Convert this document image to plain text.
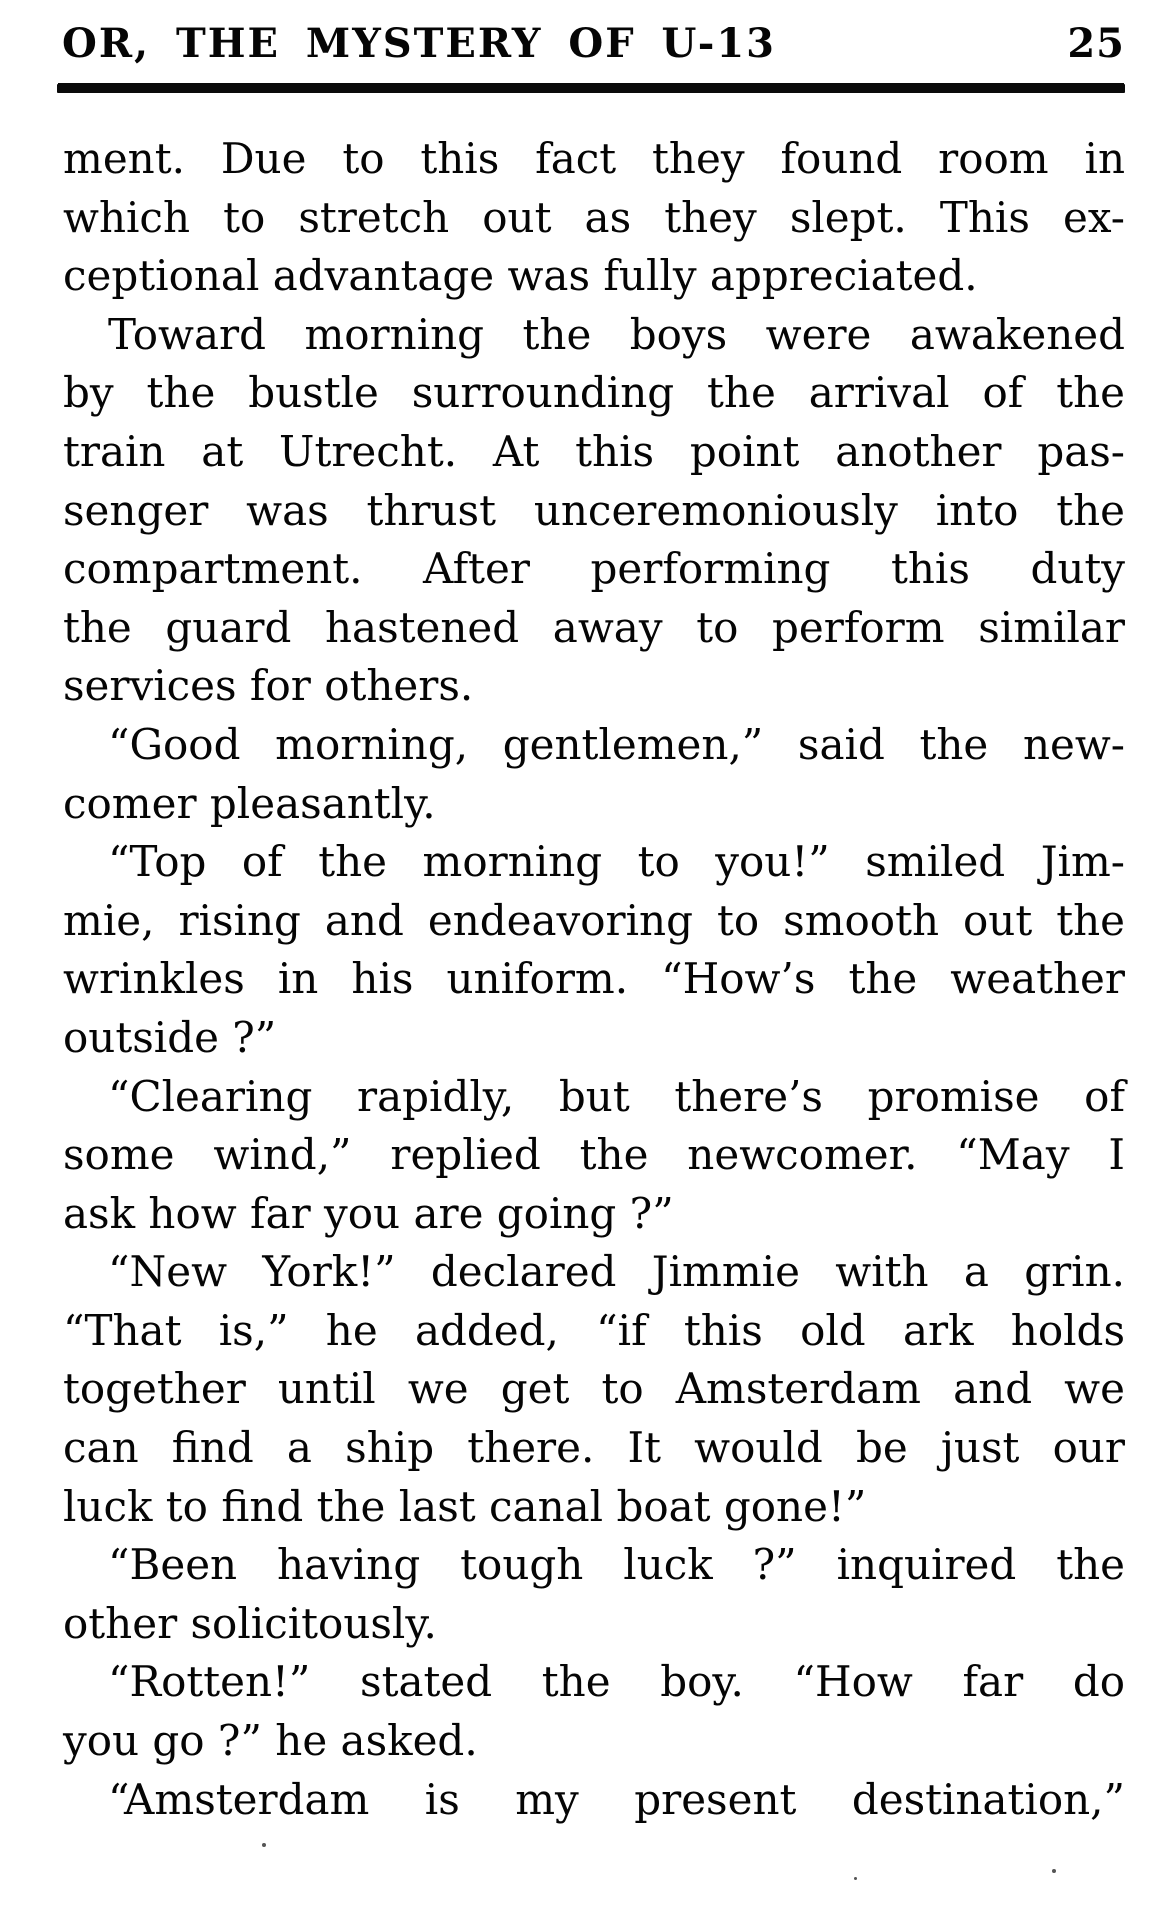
OR, THE MYSTERY OF U-13	25
ment. Due to this fact they found room in
which to stretch out as they slept. This ex-
ceptional advantage was fully appreciated.
Toward morning the boys were awakened
by the bustle surrounding the arrival of the
train at Utrecht. At this point another pas-
senger was thrust unceremoniously into the
compartment. After performing this duty
the guard hastened away to perform similar
services for others.
“Good morning, gentlemen,” said the new-
comer pleasantly.
“Top of the morning to you!” smiled Jim-
mie, rising and endeavoring to smooth out the
wrinkles in his uniform. “How’s the weather
outside ?”
“Clearing rapidly, but there’s promise of
some wind,” replied the newcomer. “May I
ask how far you are going ?”
“New York!” declared Jimmie with a grin.
“That is,” he added, “if this old ark holds
together until we get to Amsterdam and we
can find a ship there. It would be just our
luck to find the last canal boat gone!”
“Been having tough luck ?” inquired the
other solicitously.
“Rotten!” stated the boy. “How far do
you go ?” he asked.
“Amsterdam is my present destination,”
